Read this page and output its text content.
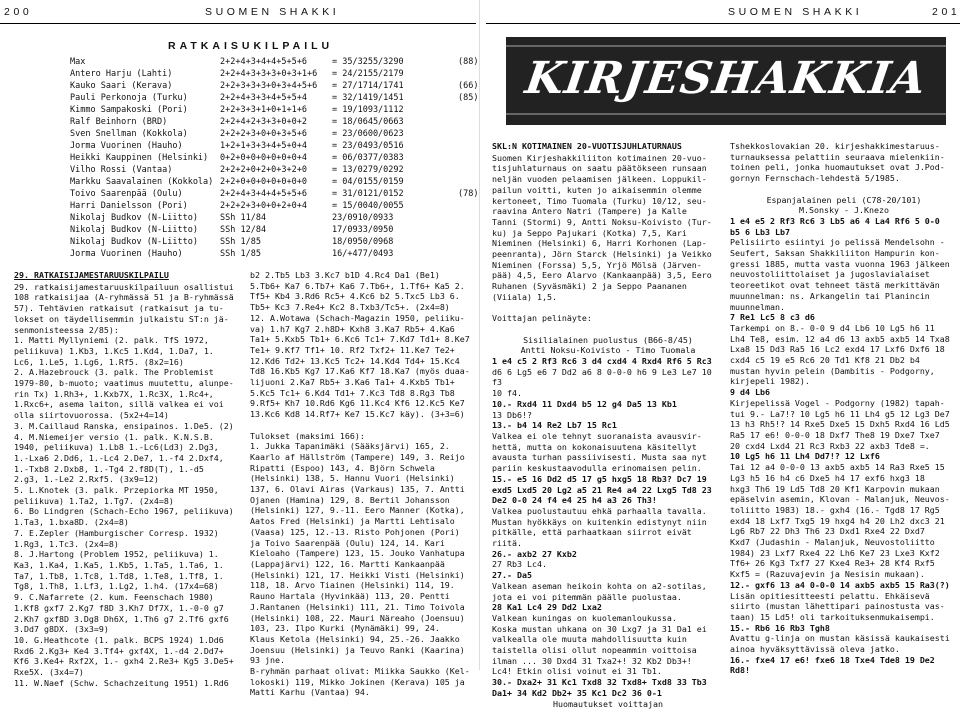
200	SUOMEN SHAKKI
RATKAISUKILPAILU
Max	2+2+4+3+4+4+5+5+6	= 35/3255/3290	(88)
Antero Harju (Lahti)	2+2+4+3+3+3+0+3+1+6 = 24/2155/2179
Kauko Saari (Kerava)	2+2+3+3+3+0+3+4+5+6 = 27/1714/1741	(66)
Pauli Perkonoja (Turku)	2+2+4+3+3+4+5+5+4	= 32/1419/1451	(85)
Kimmo Sampakoski (Pori)	2+2+3+3+1+0+1+1+6	= 19/1093/1112
Ralf Beinhorn (BRD)	2+2+4+2+3+3+0+0+2	= 18/0645/0663
Sven Snellman (Kokkola)	2+2+2+3+0+0+3+5+6	= 23/0600/0623
Jorma Vuorinen (Hauho)	1+2+1+3+3+4+5+0+4	= 23/0493/0516
Heikki Kauppinen (Helsinki) 0+2+0+0+0+0+0+0+4	= 06/0377/0383
Vilho Rossi (Vantaa)	2+2+2+0+2+0+3+2+0	= 13/0279/0292
Markku Saavalainen (Kokkola) 2+2+0+0+0+0+0+0+0	= 04/0155/0159
Toivo Saarenpää (Oulu)	2+2+4+3+4+4+5+5+6	= 31/0121/0152	(78)
Harri Danielsson (Pori)	2+2+2+3+0+0+2+0+4	= 15/0040/0055
Nikolaj Budkov (N-Liitto)	SSh 11/84	23/0910/0933
Nikolaj Budkov (N-Liitto)	SSh 12/84	17/0933/0950
Nikolaj Budkov (N-Liitto)	SSh 1/85	18/0950/0968
Jorma Vuorinen (Hauho)	SSh 1/85	16/+477/0493
29. RATKAISIJAMESTARUUSKILPAILU

29. ratkaisijamestaruuskilpailuun osallistui

108 ratkaisijaa (A-ryhmässä 51 ja B-ryhmässä

57). Tehtävien ratkaisut (ratkaisut ja tu-

lokset on täydellisemmin julkaistu ST:n jä-

senmonisteessa 2/85):

1. Matti Myllyniemi (2. palk. TfS 1972,

peliikuva) 1.Kb3, 1.Kc5 1.Kd4, 1.Da7, 1.

Lc6, 1.Le5, 1.Lg6, 1.Rf5. (8x2=16)

2. A.Hazebrouck (3. palk. The Problemist

1979-80, b-muoto; vaatimus muutettu, alunpe-

rin Tx) 1.Rh3+, 1.Kxb7X, 1.Rc3X, 1.Rc4+,

1.Rxc6+, asema laiton, sillä valkea ei voi

olla siirtovuorossa. (5x2+4=14)

3. M.Caillaud Ranska, ensipainos. 1.De5. (2)

4. M.Niemeijer versio (1. palk. K.N.S.B.

1940, peliikuva) 1.Lb8 1.-Lc6(Ld3) 2.Dg3,

1.-Lxa6 2.Dd6, 1.-Lc4 2.De7, 1.-f4 2.Dxf4,

1.-Txb8 2.Dxb8, 1.-Tg4 2.f8D(T), 1.-d5

2.g3, 1.-Le2 2.Rxf5. (3x9=12)

5. L.Knotek (3. palk. Przepiorka MT 1950,

peliikuva) 1.Ta2, 1.Tg7. (2x4=8)

6. Bo Lindgren (Schach-Echo 1967, peliikuva)

1.Ta3, 1.bxa8D. (2x4=8)

7. E.Zepler (Hamburgischer Corresp. 1932)

1.Rg3, 1.Tc3. (2x4=8)

8. J.Hartong (Problem 1952, peliikuva) 1.

Ka3, 1.Ka4, 1.Ka5, 1.Kb5, 1.Ta5, 1.Ta6, 1.

Ta7, 1.Tb8, 1.Tc8, 1.Td8, 1.Te8, 1.Tf8, 1.

Tg8, 1.Th8, 1.Lf3, 1.Lg2, 1.h4. (17x4=68)

9. C.Nafarrete (2. kum. Feenschach 1980)

1.Kf8 gxf7 2.Kg7 f8D 3.Kh7 Df7X, 1.-0-0 g7

2.Kh7 gxf8D 3.Dg8 Dh6X, 1.Th6 g7 2.Tf6 gxf6

3.Dd7 g8DX. (3x3=9)

10. G.Heathcote (1. palk. BCPS 1924) 1.Dd6

Rxd6 2.Kg3+ Ke4 3.Tf4+ gxf4X, 1.-d4 2.Dd7+

Kf6 3.Ke4+ Rxf2X, 1.- gxh4 2.Re3+ Kg5 3.De5+

Rxe5X. (3x4=7)

11. W.Naef (Schw. Schachzeitung 1951) 1.Rd6

b2 2.Tb5 Lb3 3.Kc7 b1D 4.Rc4 Da1 (Be1)

5.Tb6+ Ka7 6.Tb7+ Ka6 7.Tb6+, 1.Tf6+ Ka5 2.

Tf5+ Kb4 3.Rd6 Rc5+ 4.Kc6 b2 5.Txc5 Lb3 6.

Tb5+ Kc3 7.Re4+ Kc2 8.Txb3/Tc5+. (2x4=8)

12. A.Wotawa (Schach-Magazin 1950, peliiku-

va) 1.h7 Kg7 2.h8D+ Kxh8 3.Ka7 Rb5+ 4.Ka6

Ta1+ 5.Kxb5 Tb1+ 6.Kc6 Tc1+ 7.Kd7 Td1+ 8.Ke7

Te1+ 9.Kf7 Tf1+ 10. Rf2 Txf2+ 11.Ke7 Te2+

12.Kd6 Td2+ 13.Kc5 Tc2+ 14.Kd4 Td4+ 15.Kc4

Td8 16.Kb5 Kg7 17.Ka6 Kf7 18.Ka7 (myös duaa-

lijuoni 2.Ka7 Rb5+ 3.Ka6 Ta1+ 4.Kxb5 Tb1+

5.Kc5 Tc1+ 6.Kd4 Td1+ 7.Kc3 Td8 8.Rg3 Tb8

9.Rf5+ Kh7 10.Rd6 Kg6 11.Kc4 Kf6 12.Kc5 Ke7

13.Kc6 Kd8 14.Rf7+ Ke7 15.Kc7 käy). (3+3=6)

Tulokset (maksimi 166):

1. Jukka Tapanimäki (Sääksjärvi) 165, 2.

Kaarlo af Hällström (Tampere) 149, 3. Reijo

Ripatti (Espoo) 143, 4. Björn Schwela

(Helsinki) 138, 5. Hannu Vuori (Helsinki)

137, 6. Olavi Airas (Varkaus) 135, 7. Antti

Ojanen (Hamina) 129, 8. Bertil Johansson

(Helsinki) 127, 9.-11. Eero Manner (Kotka),

Aatos Fred (Helsinki) ja Martti Lehtisalo

(Vaasa) 125, 12.-13. Risto Pohjonen (Pori)

ja Toivo Saarenpää (Oulu) 124, 14. Kari

Kieloaho (Tampere) 123, 15. Jouko Vanhatupa

(Lappajärvi) 122, 16. Martti Kankaanpää

(Helsinki) 121, 17. Heikki Visti (Helsinki)

118, 18. Arvo Tiainen (Helsinki) 114, 19.

Rauno Hartala (Hyvinkää) 113, 20. Pentti

J.Rantanen (Helsinki) 111, 21. Timo Toivola

(Helsinki) 108, 22. Mauri Näreaho (Joensuu)

103, 23. Ilpo Kurki (Mynämäki) 99, 24.

Klaus Ketola (Helsinki) 94, 25.-26. Jaakko

Joensuu (Helsinki) ja Teuvo Ranki (Kaarina)

93 jne.

B-ryhmän parhaat olivat: Miikka Saukko (Kel-

lokoski) 119, Mikko Jokinen (Kerava) 105 ja

Matti Karhu (Vantaa) 94.

SUOMEN SHAKKI	201
KIRJESHAKKIA
SKL:N KOTIMAINEN 20-VUOTISJUHLATURNAUS

Suomen Kirjeshakkiliiton kotimainen 20-vuo-

tisjuhlaturnaus on saatu päätökseen runsaan

neljän vuoden pelaamisen jälkeen. Loppukil-

pailun voitti, kuten jo aikaisemmin olemme

kertoneet, Timo Tuomala (Turku) 10/12, seu-

raavina Antero Natri (Tampere) ja Kalle

Tanni (Stormi) 9, Antti Noksu-Koivisto (Tur-

ku) ja Seppo Pajukari (Kotka) 7,5, Kari

Nieminen (Helsinki) 6, Harri Korhonen (Lap-

peenranta), Jörn Starck (Helsinki) ja Veikko

Nieminen (Forssa) 5,5, Yrjö Mölsä (Järven-

pää) 4,5, Eero Alarvo (Kankaanpää) 3,5, Eero

Ruhanen (Syväsmäki) 2 ja Seppo Paananen

(Viiala) 1,5.

Voittajan pelinäyte:

Sisilialainen puolustus (B66-8/45)

Antti Noksu-Koivisto - Timo Tuomala

1 e4 c5 2 Rf3 Rc6 3 d4 cxd4 4 Rxd4 Rf6 5 Rc3

d6 6 Lg5 e6 7 Dd2 a6 8 0-0-0 h6 9 Le3 Le7 10

f3

10 f4.

10.- Rxd4 11 Dxd4 b5 12 g4 Da5 13 Kb1

13 Db6!?

13.- b4 14 Re2 Lb7 15 Rc1

Valkea ei ole tehnyt suoranaista avausvir-

hettä, mutta on kokonaisuutena käsitellyt

avausta turhan passiivisesti. Musta saa nyt

pariin keskustaavodulla erinomaisen pelin.

15.- e5 16 Dd2 d5 17 g5 hxg5 18 Rb3? Dc7 19

exd5 Lxd5 20 Lg2 a5 21 Re4 a4 22 Lxg5 Td8 23

De2 0-0 24 f4 e4 25 h4 a3 26 Th3!

Valkea puolustautuu ehkä parhaalla tavalla.

Mustan hyökkäys on kuitenkin edistynyt niin

pitkälle, että parhaatkaan siirrot eivät

riitä.

26.- axb2 27 Kxb2

27 Rb3 Lc4.

27.- Da5

Valkean aseman heikoin kohta on a2-sotilas,

jota ei voi pitemmän päälle puolustaa.

28 Ka1 Lc4 29 Dd2 Lxa2

Valkean kuningas on kuolemanloukussa.

Koska mustan uhkana on 30 Lxg7 ja 31 Da1 ei

valkealla ole muuta mahdollisuutta kuin

taistella olisi ollut nopeammin voittoisa

ilman ... 30 Dxd4 31 Txa2+! 32 Kb2 Db3+!

Lc4! Etkin olisi voinut ei 31 Tb1.

30.- Dxa2+ 31 Kc1 Txd8 32 Txd8+ Txd8 33 Tb3

Da1+ 34 Kd2 Db2+ 35 Kc1 Dc2 36 0-1

Huomautukset voittajan

Tshekkoslovakian 20. kirjeshakkimestaruus-

turnauksessa pelattiin seuraava mielenkiin-

toinen peli, jonka huomautukset ovat J.Pod-

gornyn Fernschach-lehdestä 5/1985.

Espanjalainen peli (C78-20/101)

M.Sonsky - J.Knezo

1 e4 e5 2 Rf3 Rc6 3 Lb5 a6 4 La4 Rf6 5 0-0

b5 6 Lb3 Lb7

Pelisiirto esiintyi jo pelissä Mendelsohn -

Seufert, Saksan Shakkiliiton Hampurin kon-

gressi 1885, mutta vasta vuonna 1963 jälkeen

neuvostoliittolaiset ja jugoslavialaiset

teoreetikot ovat tehneet tästä merkittävän

muunnelman: ns. Arkangelin tai Planincin

muunnelman.

7 Re1 Lc5 8 c3 d6

Tarkempi on 8.- 0-0 9 d4 Lb6 10 Lg5 h6 11

Lh4 Te8, esim. 12 a4 d6 13 axb5 axb5 14 Txa8

Lxa8 15 Dd3 Ra5 16 Lc2 exd4 17 Lxf6 Dxf6 18

cxd4 c5 19 e5 Rc6 20 Td1 Kf8 21 Db2 b4

mustan hyvin pelein (Dambitis - Podgorny,

kirjepeli 1982).

9 d4 Lb6

Kirjepelissä Vogel - Podgorny (1982) tapah-

tui 9.- La7!? 10 Lg5 h6 11 Lh4 g5 12 Lg3 De7

13 h3 Rh5!? 14 Rxe5 Dxe5 15 Dxh5 Rxd4 16 Ld5

Ra5 17 e6! 0-0-0 18 Dxf7 The8 19 Dxe7 Txe7

20 cxd4 Lxd4 21 Rc3 Rxb3 22 axb3 Tde8 =.

10 Lg5 h6 11 Lh4 Dd7!? 12 Lxf6

Tai 12 a4 0-0-0 13 axb5 axb5 14 Ra3 Rxe5 15

Lg3 h5 16 h4 c6 Dxe5 h4 17 exf6 hxg3 18

hxg3 Th6 19 Ld5 Td8 20 Kf1 Karpovin mukaan

epäselvin asemin, Klovan - Malanjuk, Neuvos-

toliitto 1983) 18.- gxh4 (16.- Tgd8 17 Rg5

exd4 18 Lxf7 Txg5 19 hxg4 h4 20 Lh2 dxc3 21

Lg6 Rb7 22 Dh3 Th6 23 Dxd1 Rxe4 22 Dxd7

Kxd7 (Judashin - Malanjuk, Neuvostoliitto

1984) 23 Lxf7 Rxe4 22 Lh6 Ke7 23 Lxe3 Kxf2

Tf6+ 26 Kg3 Txf7 27 Kxe4 Re3+ 28 Kf4 Rxf5

Kxf5 = (Razuvajevin ja Nesisin mukaan).

12.- gxf6 13 a4 0-0-0 14 axb5 axb5 15 Ra3(?)

Lisän opitiesitteesti pelattu. Ehkäisevä

siirto (mustan lähettipari painostusta vas-

taan) 15 Ld5! oli tarkoituksenmukaisempi.

15.- Rb6 16 Rb3 Tgh8

Avattu g-linja on mustan käsissä kaukaisesti

ainoa hyväksyttävissä oleva jatko.

16.- fxe4 17 e6! fxe6 18 Txe4 Tde8 19 De2

Rd8!
